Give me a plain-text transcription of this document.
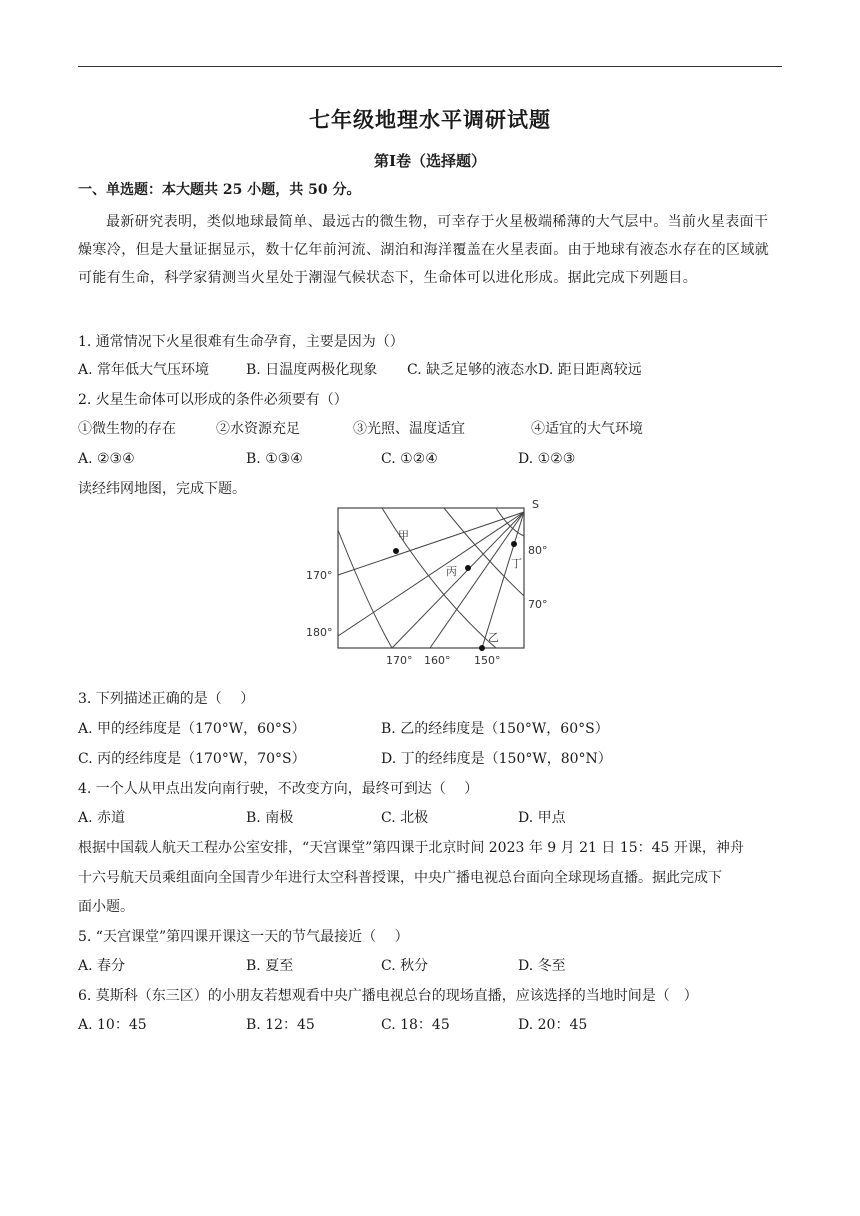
七年级地理水平调研试题
第Ⅰ卷（选择题）
一、单选题：本大题共 25 小题，共 50 分。
最新研究表明，类似地球最简单、最远古的微生物，可幸存于火星极端稀薄的大气层中。当前火星表面干燥寒冷，但是大量证据显示，数十亿年前河流、湖泊和海洋覆盖在火星表面。由于地球有液态水存在的区域就可能有生命，科学家猜测当火星处于潮湿气候状态下，生命体可以进化形成。据此完成下列题目。
1. 通常情况下火星很难有生命孕育，主要是因为（）
A. 常年低大气压环境	B. 日温度两极化现象 C. 缺乏足够的液态水D. 距日距离较远
2. 火星生命体可以形成的条件必须要有（）
①微生物的存在	②水资源充足	③光照、温度适宜	④适宜的大气环境
A. ②③④	B. ①③④	C. ①②④	D. ①②③
读经纬网地图，完成下题。
S
甲
丙
乙
丁
80°
70°
170°
180°
170° 160° 150°
3. 下列描述正确的是（　 ）
A. 甲的经纬度是（170°W，60°S）	B. 乙的经纬度是（150°W，60°S）
C. 丙的经纬度是（170°W，70°S）	D. 丁的经纬度是（150°W，80°N）
4. 一个人从甲点出发向南行驶，不改变方向，最终可到达（　 ）
A. 赤道	B. 南极	C. 北极	D. 甲点
根据中国载人航天工程办公室安排，“天宫课堂”第四课于北京时间 2023 年 9 月 21 日 15：45 开课，神舟
十六号航天员乘组面向全国青少年进行太空科普授课，中央广播电视总台面向全球现场直播。据此完成下
面小题。
5. “天宫课堂”第四课开课这一天的节气最接近（　 ）
A. 春分	B. 夏至	C. 秋分	D. 冬至
6. 莫斯科（东三区）的小朋友若想观看中央广播电视总台的现场直播，应该选择的当地时间是（　）
A. 10：45	B. 12：45	C. 18：45	D. 20：45
